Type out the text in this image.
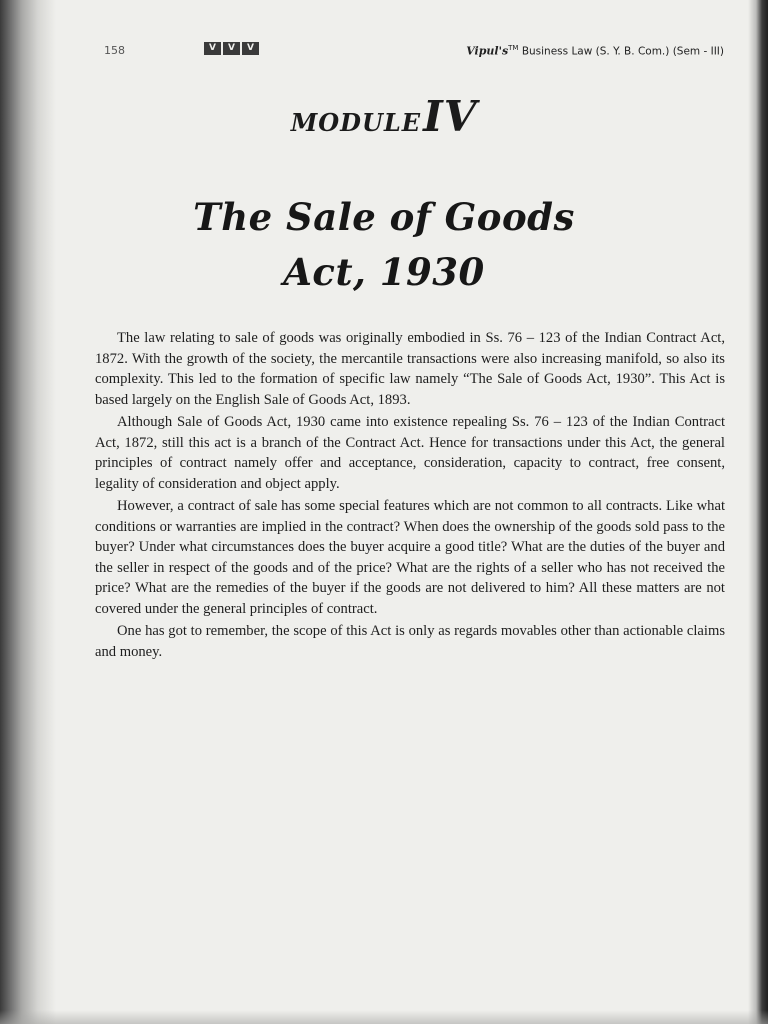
158	V	V	V	Vipul's™ Business Law (S. Y. B. Com.) (Sem - III)
MODULEIV
The Sale of Goods
Act, 1930

The law relating to sale of goods was originally embodied in Ss. 76 – 123 of the Indian Contract Act, 1872. With the growth of the society, the mercantile transactions were also increasing manifold, so also its complexity. This led to the formation of specific law namely “The Sale of Goods Act, 1930”. This Act is based largely on the English Sale of Goods Act, 1893.

Although Sale of Goods Act, 1930 came into existence repealing Ss. 76 – 123 of the Indian Contract Act, 1872, still this act is a branch of the Contract Act. Hence for transactions under this Act, the general principles of contract namely offer and acceptance, consideration, capacity to contract, free consent, legality of consideration and object apply.

However, a contract of sale has some special features which are not common to all contracts. Like what conditions or warranties are implied in the contract? When does the ownership of the goods sold pass to the buyer? Under what circumstances does the buyer acquire a good title? What are the duties of the buyer and the seller in respect of the goods and of the price? What are the rights of a seller who has not received the price? What are the remedies of the buyer if the goods are not delivered to him? All these matters are not covered under the general principles of contract.

One has got to remember, the scope of this Act is only as regards movables other than actionable claims and money.
